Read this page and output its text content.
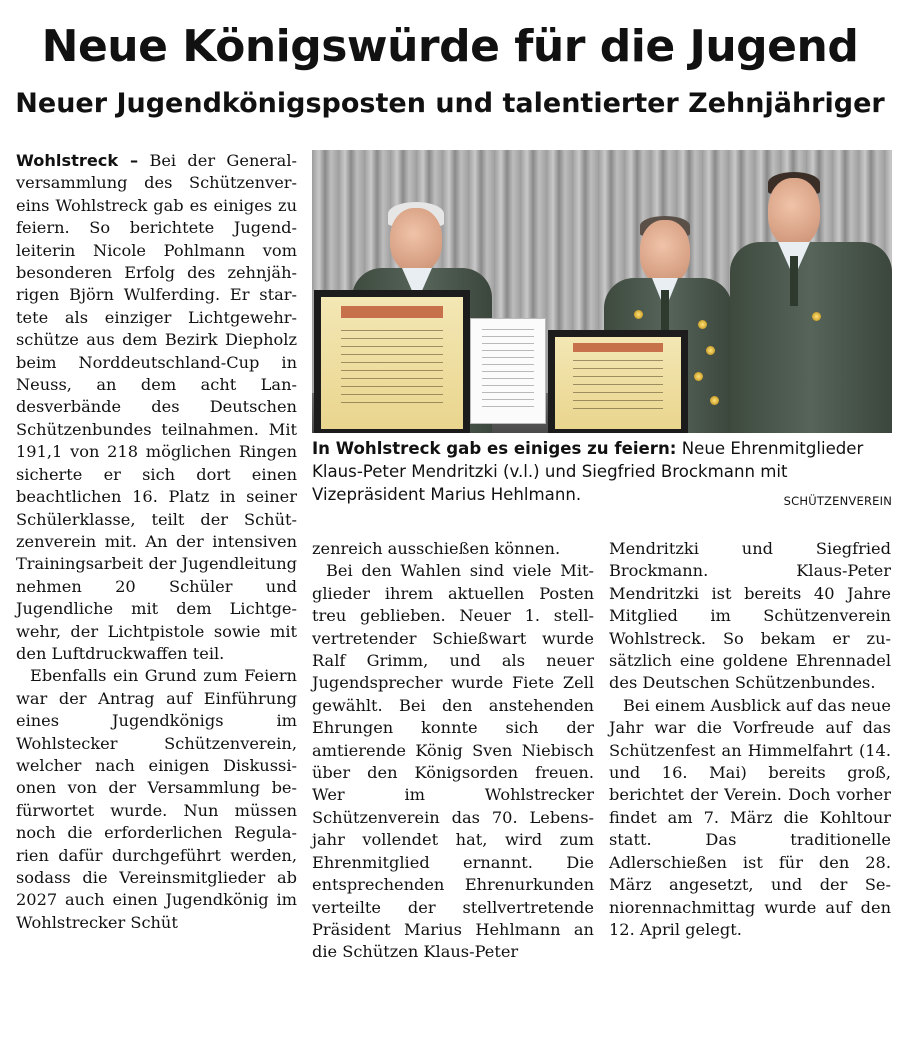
Neue Königswürde für die Jugend
Neuer Jugendkönigsposten und talentierter Zehnjähriger

Wohlstreck – Bei der Generalversammlung des Schützenvereins Wohlstreck gab es einiges zu feiern. So berichtete Jugendleiterin Nicole Pohlmann vom besonderen Erfolg des zehnjährigen Björn Wulferding. Er startete als einziger Lichtgewehrschütze aus dem Bezirk Diepholz beim Norddeutschland-Cup in Neuss, an dem acht Landesverbände des Deutschen Schützenbundes teilnahmen. Mit 191,1 von 218 möglichen Ringen sicherte er sich dort einen beachtlichen 16. Platz in seiner Schülerklasse, teilt der Schützenverein mit. An der intensiven Trainingsarbeit der Jugendleitung nehmen 20 Schüler und Jugendliche mit dem Lichtgewehr, der Lichtpistole sowie mit den Luftdruckwaffen teil.

Ebenfalls ein Grund zum Feiern war der Antrag auf Einführung eines Jugendkönigs im Wohlstecker Schützenverein, welcher nach einigen Diskussionen von der Versammlung befürwortet wurde. Nun müssen noch die erforderlichen Regularien dafür durchgeführt werden, sodass die Vereinsmitglieder ab 2027 auch einen Jugendkönig im Wohlstrecker Schüt

In Wohlstreck gab es einiges zu feiern: Neue Ehrenmitglieder Klaus-Peter Mendritzki (v.l.) und Siegfried Brockmann mit Vizepräsident Marius Hehlmann.	SCHÜTZENVEREIN

zenreich ausschießen können.

Bei den Wahlen sind viele Mitglieder ihrem aktuellen Posten treu geblieben. Neuer 1. stellvertretender Schießwart wurde Ralf Grimm, und als neuer Jugendsprecher wurde Fiete Zell gewählt. Bei den anstehenden Ehrungen konnte sich der amtierende König Sven Niebisch über den Königsorden freuen. Wer im Wohlstrecker Schützenverein das 70. Lebensjahr vollendet hat, wird zum Ehrenmitglied ernannt. Die entsprechenden Ehrenurkunden verteilte der stellvertretende Präsident Marius Hehlmann an die Schützen Klaus-Peter

Mendritzki und Siegfried Brockmann. Klaus-Peter Mendritzki ist bereits 40 Jahre Mitglied im Schützenverein Wohlstreck. So bekam er zusätzlich eine goldene Ehrennadel des Deutschen Schützenbundes.

Bei einem Ausblick auf das neue Jahr war die Vorfreude auf das Schützenfest an Himmelfahrt (14. und 16. Mai) bereits groß, berichtet der Verein. Doch vorher findet am 7. März die Kohltour statt. Das traditionelle Adlerschießen ist für den 28. März angesetzt, und der Seniorennachmittag wurde auf den 12. April gelegt.
